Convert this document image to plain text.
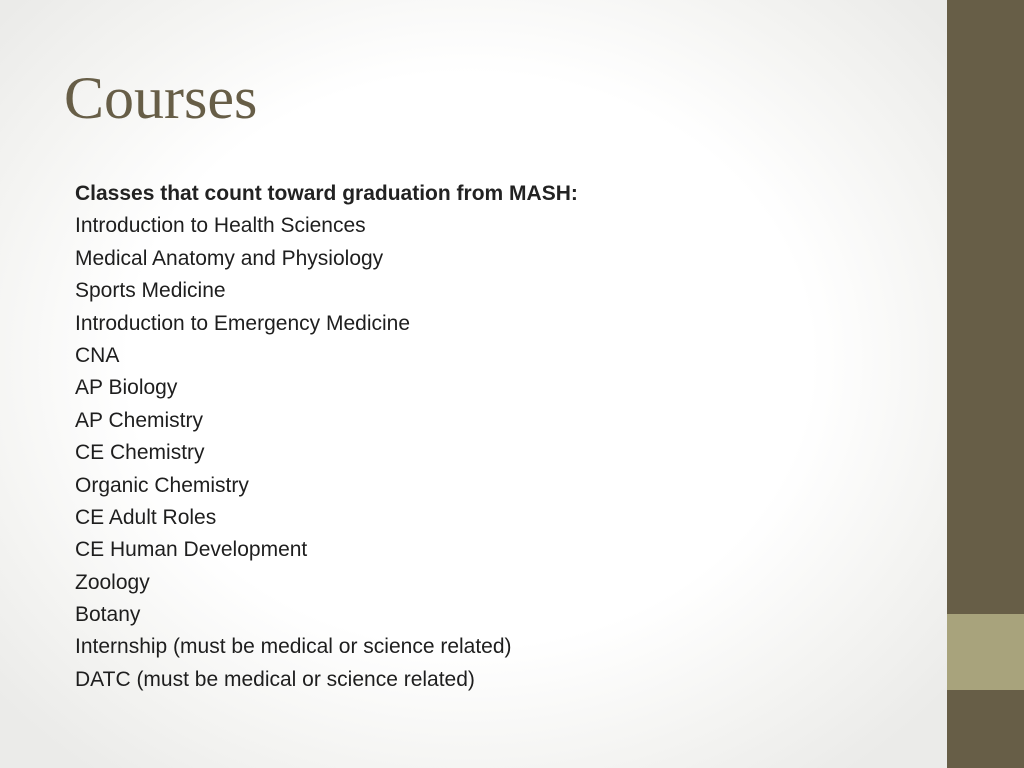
Courses
Classes that count toward graduation from MASH:
Introduction to Health Sciences
Medical Anatomy and Physiology
Sports Medicine
Introduction to Emergency Medicine
CNA
AP Biology
AP Chemistry
CE Chemistry
Organic Chemistry
CE Adult Roles
CE Human Development
Zoology
Botany
Internship (must be medical or science related)
DATC (must be medical or science related)
